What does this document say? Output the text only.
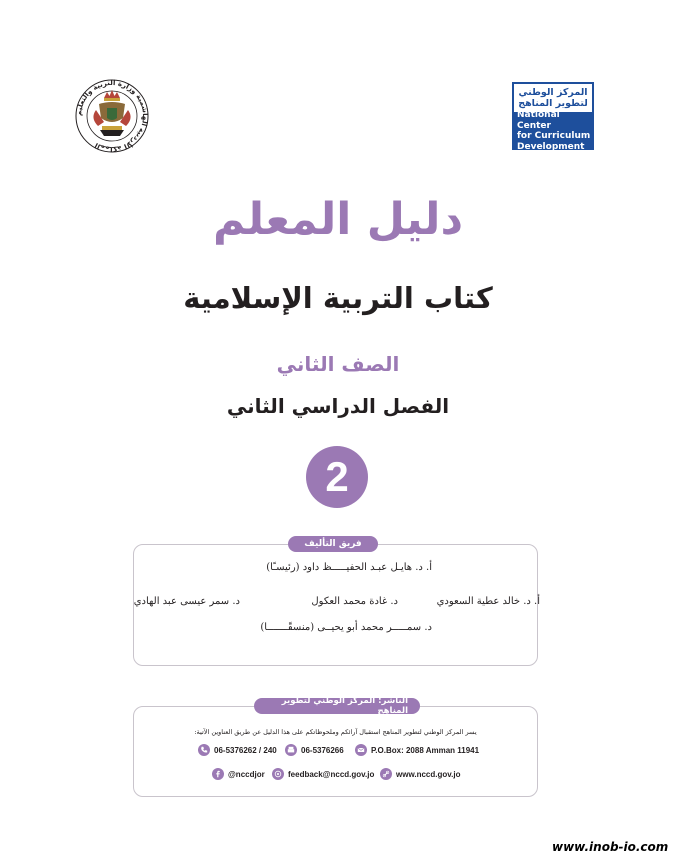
المملكة الأردنية الهاشمية وزارة التربية والتعليم
المركز الوطني
لتطوير المناهج
National Center
for Curriculum
Development
دليل المعلم
كتاب التربية الإسلامية
الصف الثاني
الفصل الدراسي الثاني
2
فريق التأليف
أ. د. هايـل عبـد الحفيـــــظ داود (رئيسـًا)
أ. د. خالد عطية السعودي
د. غادة محمد العكول
د. سمر عيسى عبد الهادي
د. سمـــــر محمد أبو يحيــى (منسقًـــــــا)
الناشر: المركز الوطني لتطوير المناهج
يسر المركز الوطني لتطوير المناهج استقبال آرائكم وملحوظاتكم على هذا الدليل عن طريق العناوين الآتية:
06-5376262 / 240	06-5376266	P.O.Box: 2088 Amman 11941
@nccdjor	feedback@nccd.gov.jo	www.nccd.gov.jo
www.inob-io.com
